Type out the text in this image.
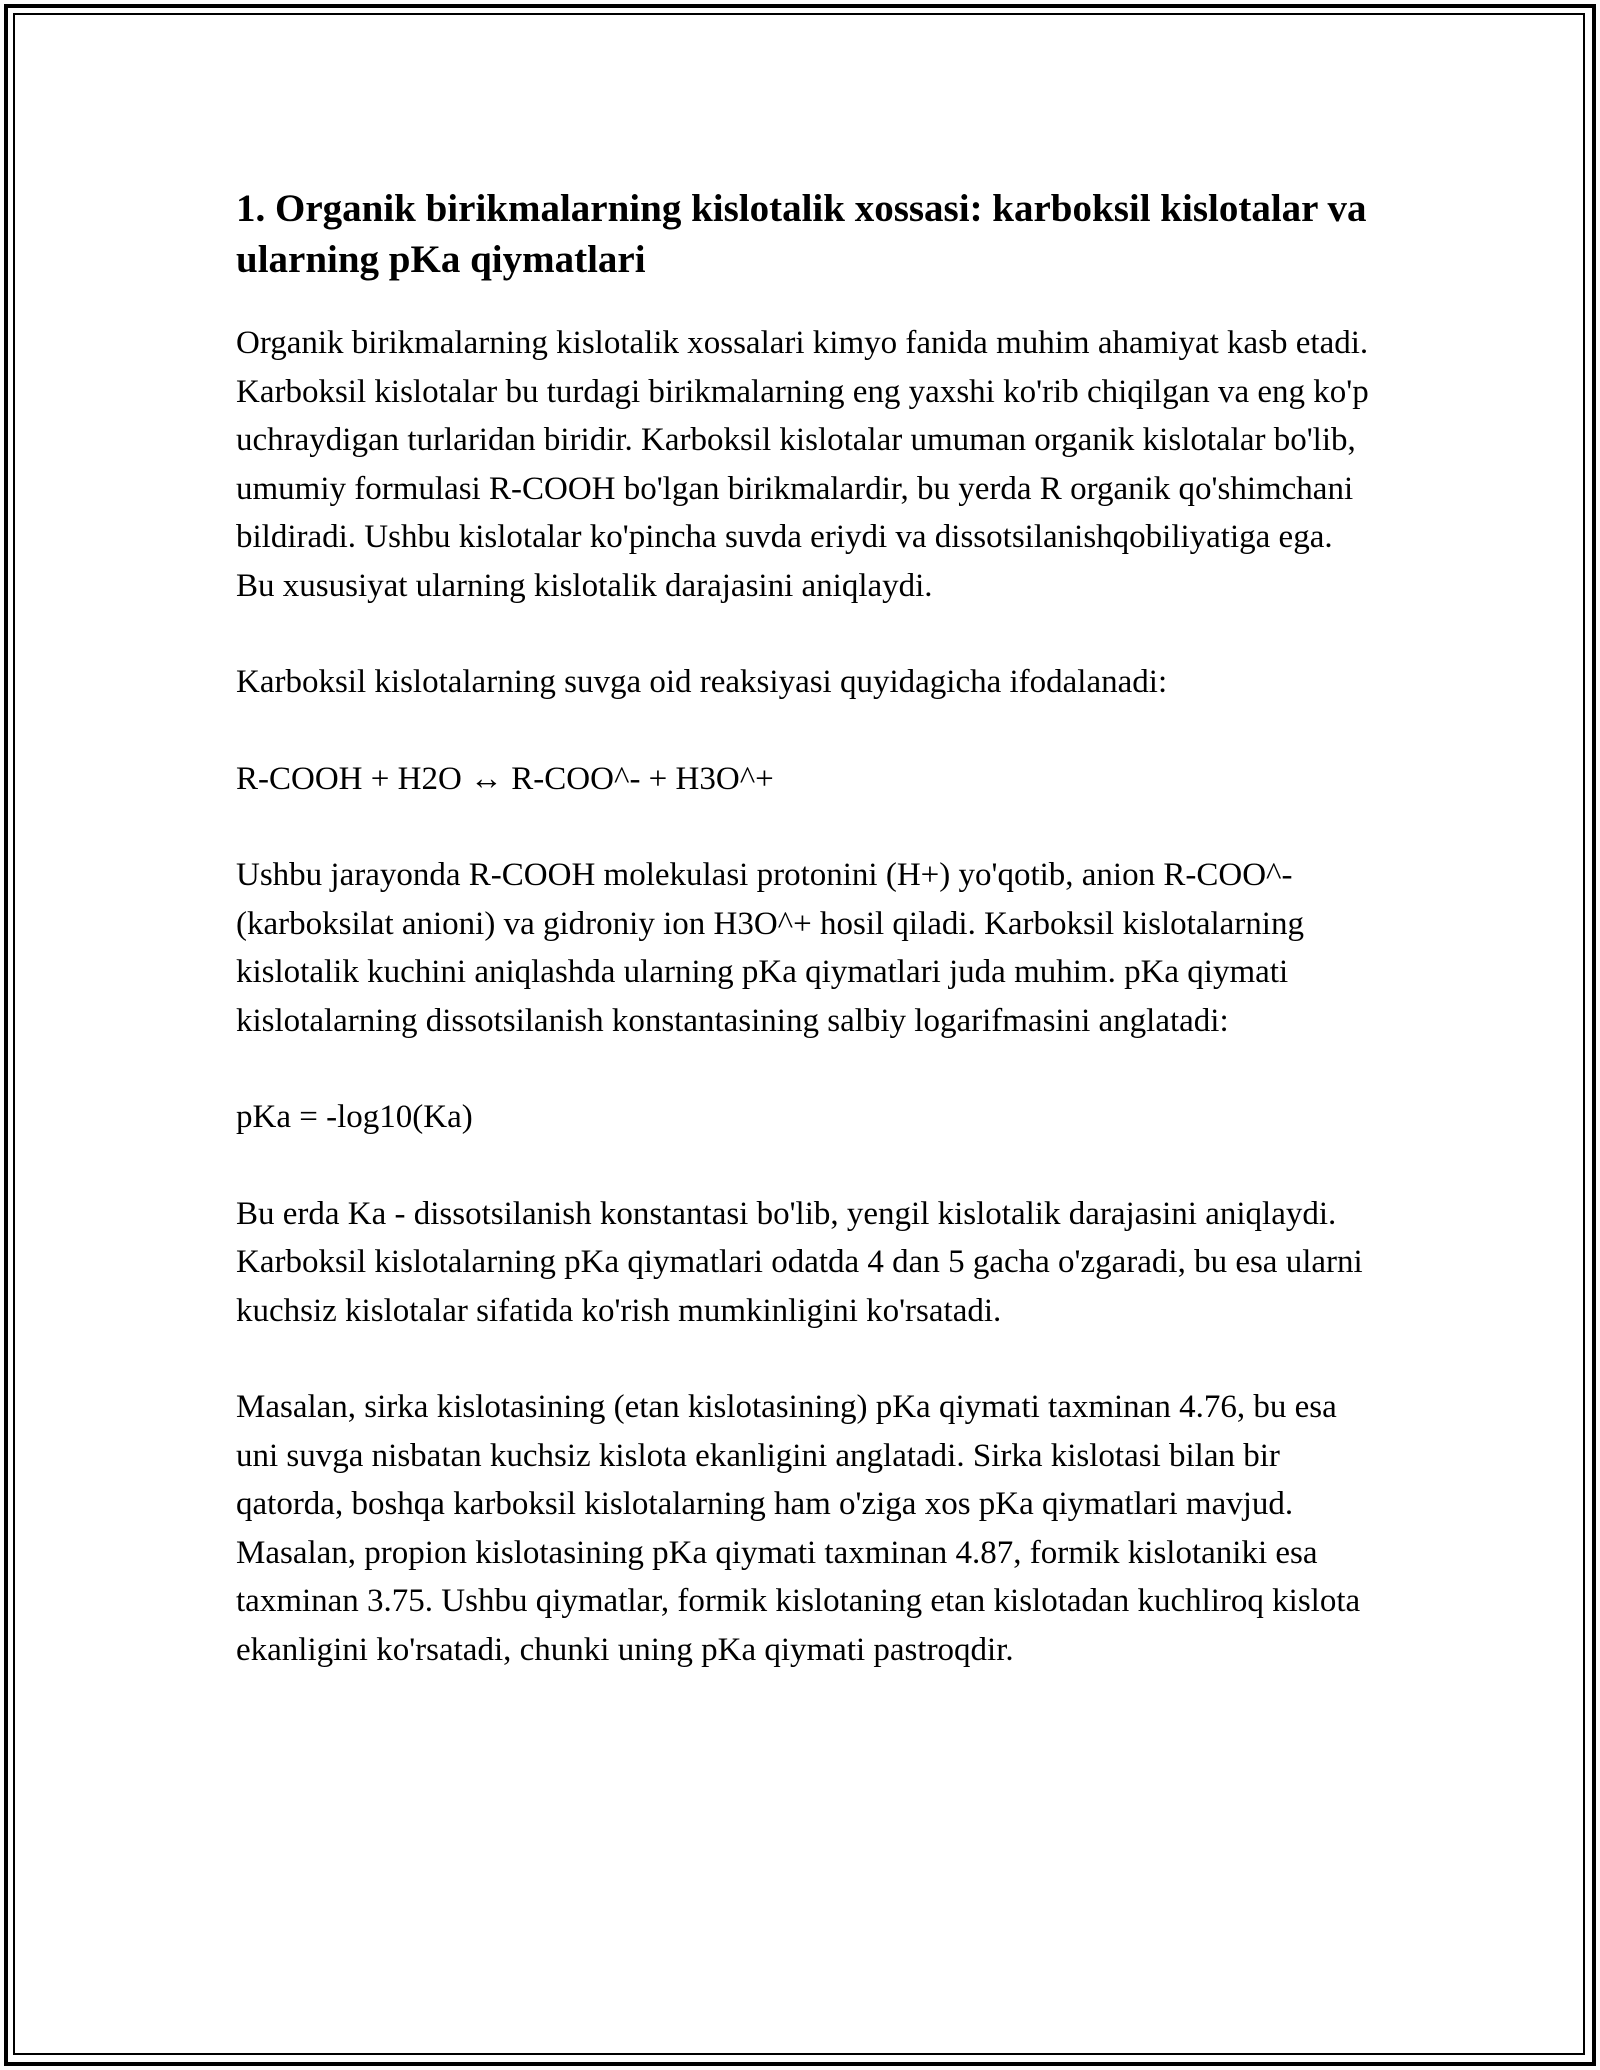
1. Organik birikmalarning kislotalik xossasi: karboksil kislotalar va ularning pKa qiymatlari

Organik birikmalarning kislotalik xossalari kimyo fanida muhim ahamiyat kasb etadi. Karboksil kislotalar bu turdagi birikmalarning eng yaxshi ko'rib chiqilgan va eng ko'p uchraydigan turlaridan biridir. Karboksil kislotalar umuman organik kislotalar bo'lib, umumiy formulasi R-COOH bo'lgan birikmalardir, bu yerda R organik qo'shimchani bildiradi. Ushbu kislotalar ko'pincha suvda eriydi va dissotsilanishqobiliyatiga ega. Bu xususiyat ularning kislotalik darajasini aniqlaydi.

Karboksil kislotalarning suvga oid reaksiyasi quyidagicha ifodalanadi:

R-COOH + H2O ↔ R-COO^- + H3O^+

Ushbu jarayonda R-COOH molekulasi protonini (H+) yo'qotib, anion R-COO^- (karboksilat anioni) va gidroniy ion H3O^+ hosil qiladi. Karboksil kislotalarning kislotalik kuchini aniqlashda ularning pKa qiymatlari juda muhim. pKa qiymati kislotalarning dissotsilanish konstantasining salbiy logarifmasini anglatadi:

pKa = -log10(Ka)

Bu erda Ka - dissotsilanish konstantasi bo'lib, yengil kislotalik darajasini aniqlaydi. Karboksil kislotalarning pKa qiymatlari odatda 4 dan 5 gacha o'zgaradi, bu esa ularni kuchsiz kislotalar sifatida ko'rish mumkinligini ko'rsatadi.

Masalan, sirka kislotasining (etan kislotasining) pKa qiymati taxminan 4.76, bu esa uni suvga nisbatan kuchsiz kislota ekanligini anglatadi. Sirka kislotasi bilan bir qatorda, boshqa karboksil kislotalarning ham o'ziga xos pKa qiymatlari mavjud. Masalan, propion kislotasining pKa qiymati taxminan 4.87, formik kislotaniki esa taxminan 3.75. Ushbu qiymatlar, formik kislotaning etan kislotadan kuchliroq kislota ekanligini ko'rsatadi, chunki uning pKa qiymati pastroqdir.
